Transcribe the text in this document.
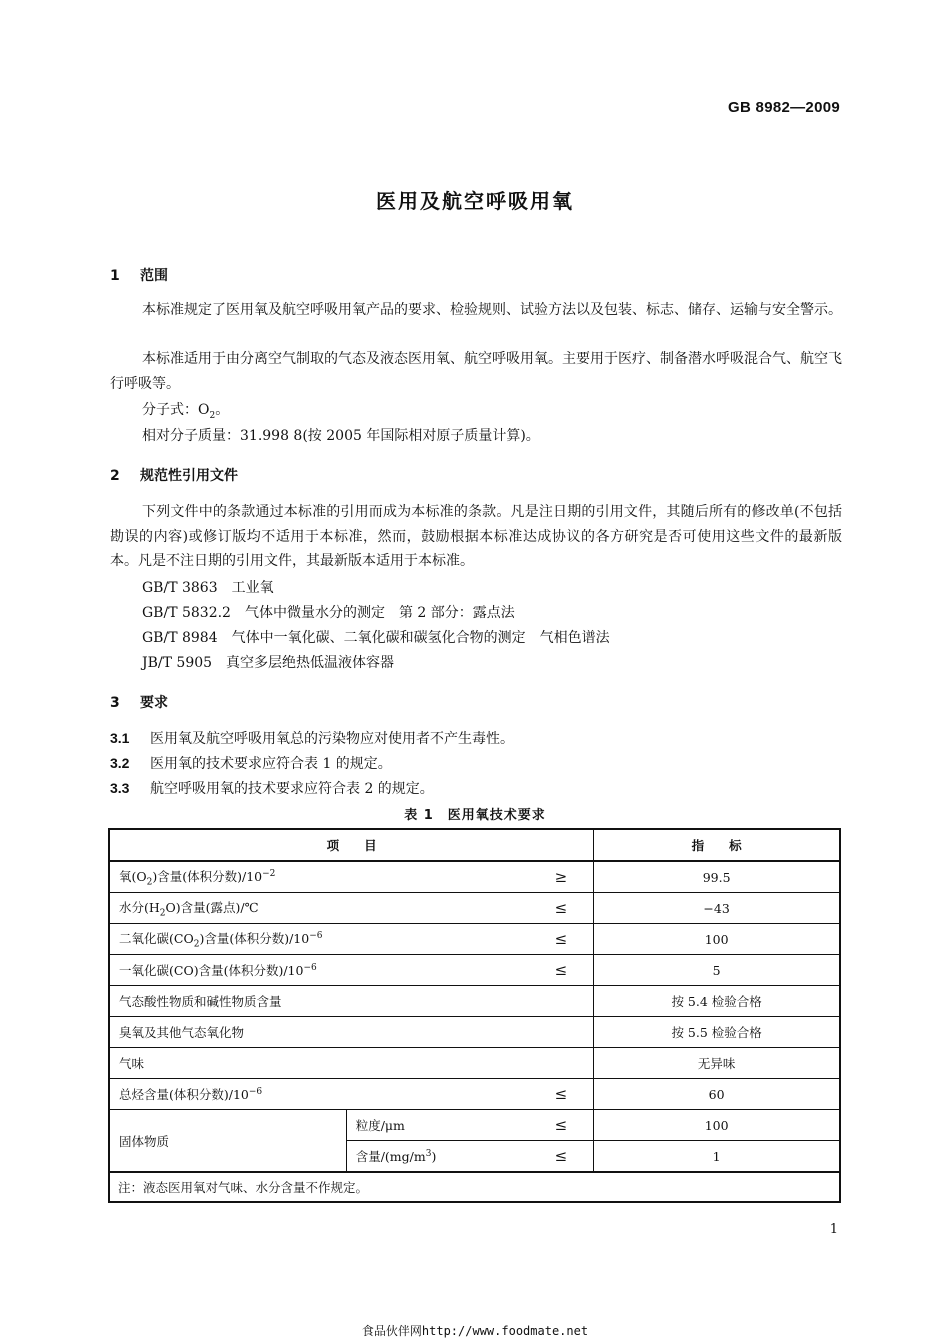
GB 8982—2009
医用及航空呼吸用氧
1 范围
本标准规定了医用氧及航空呼吸用氧产品的要求、检验规则、试验方法以及包装、标志、储存、运输与安全警示。
本标准适用于由分离空气制取的气态及液态医用氧、航空呼吸用氧。主要用于医疗、制备潜水呼吸混合气、航空飞行呼吸等。
分子式：$O_2$。
相对分子质量：31.998 8(按 2005 年国际相对原子质量计算)。
2 规范性引用文件
下列文件中的条款通过本标准的引用而成为本标准的条款。凡是注日期的引用文件，其随后所有的修改单(不包括勘误的内容)或修订版均不适用于本标准，然而，鼓励根据本标准达成协议的各方研究是否可使用这些文件的最新版本。凡是不注日期的引用文件，其最新版本适用于本标准。
GB/T 3863 工业氧
GB/T 5832.2 气体中微量水分的测定　第 2 部分：露点法
GB/T 8984 气体中一氧化碳、二氧化碳和碳氢化合物的测定　气相色谱法
JB/T 5905 真空多层绝热低温液体容器
3 要求
3.1 医用氧及航空呼吸用氧总的污染物应对使用者不产生毒性。
3.2 医用氧的技术要求应符合表 1 的规定。
3.3 航空呼吸用氧的技术要求应符合表 2 的规定。
表 1　医用氧技术要求
项　　目			指　　标
氧$(O_2)$含量(体积分数)$/10^{-2}$		≥	99.5
水分$(H_2O)$含量(露点)/℃		≤	−43
二氧化碳$(CO_2)$含量(体积分数)$/10^{-6}$		≤	100
一氧化碳(CO)含量(体积分数)$/10^{-6}$		≤	5
气态酸性物质和碱性物质含量			按 5.4 检验合格
臭氧及其他气态氧化物			按 5.5 检验合格
气味			无异味
总烃含量(体积分数)$/10^{-6}$		≤	60
固体物质	粒度/μm	≤	100
	含量$/(mg/m^3)$	≤	1
注：液态医用氧对气味、水分含量不作规定。			
1
食品伙伴网http://www.foodmate.net
